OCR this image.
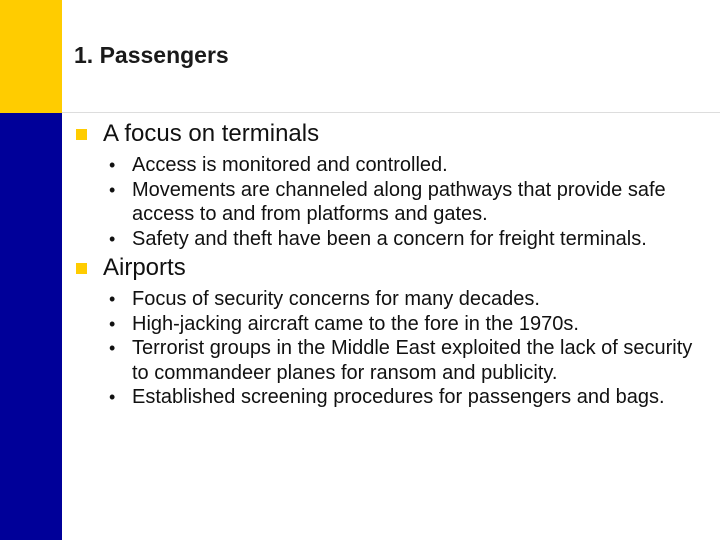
1. Passengers
A focus on terminals
• Access is monitored and controlled.
• Movements are channeled along pathways that provide safe access to and from platforms and gates.
• Safety and theft have been a concern for freight terminals.
Airports
• Focus of security concerns for many decades.
• High-jacking aircraft came to the fore in the 1970s.
• Terrorist groups in the Middle East exploited the lack of security to commandeer planes for ransom and publicity.
• Established screening procedures for passengers and bags.
